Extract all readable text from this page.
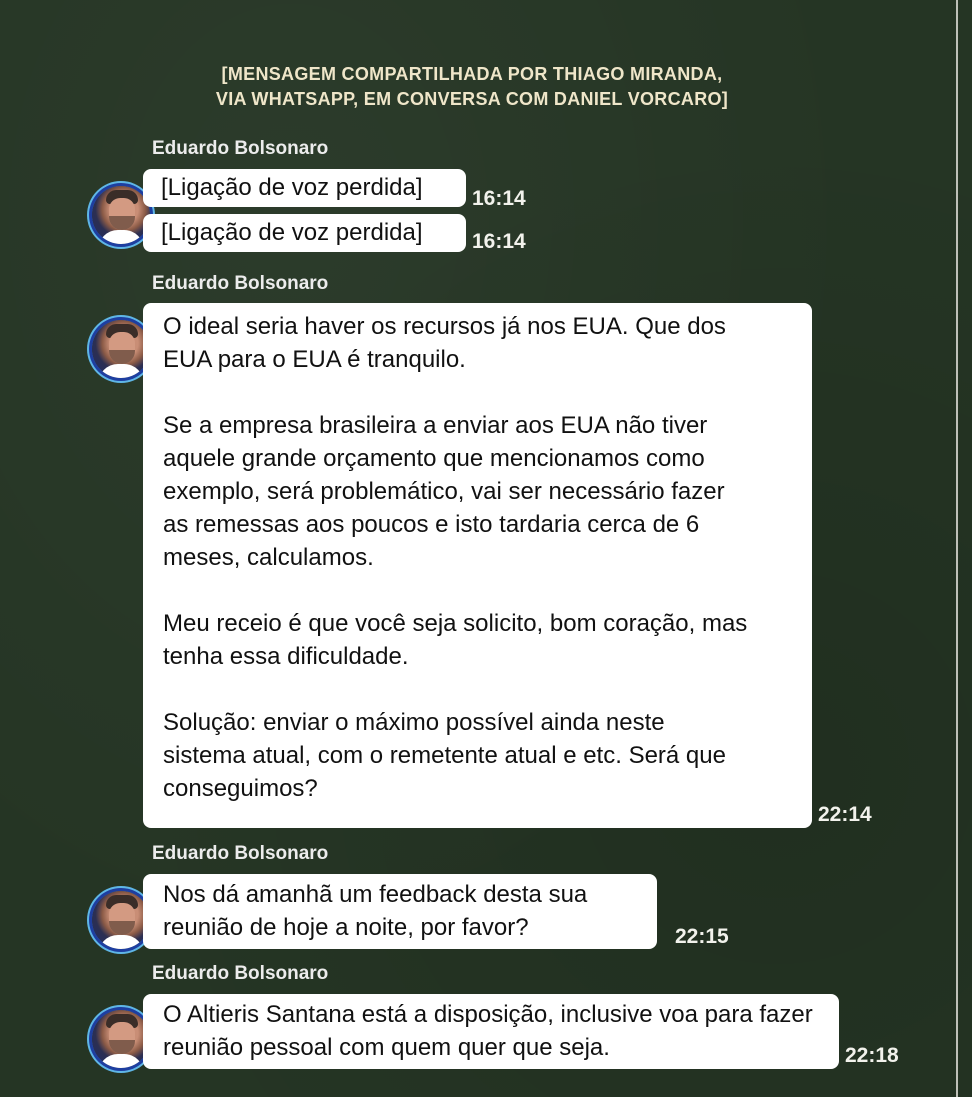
[MENSAGEM COMPARTILHADA POR THIAGO MIRANDA,
VIA WHATSAPP, EM CONVERSA COM DANIEL VORCARO]
Eduardo Bolsonaro

[Ligação de voz perdida]	16:14

[Ligação de voz perdida]	16:14
Eduardo Bolsonaro

O ideal seria haver os recursos já nos EUA. Que dos
EUA para o EUA é tranquilo.

Se a empresa brasileira a enviar aos EUA não tiver
aquele grande orçamento que mencionamos como
exemplo, será problemático, vai ser necessário fazer
as remessas aos poucos e isto tardaria cerca de 6
meses, calculamos.

Meu receio é que você seja solicito, bom coração, mas
tenha essa dificuldade.

Solução: enviar o máximo possível ainda neste
sistema atual, com o remetente atual e etc. Será que
conseguimos?

22:14
Eduardo Bolsonaro

Nos dá amanhã um feedback desta sua
reunião de hoje a noite, por favor?	22:15
Eduardo Bolsonaro

O Altieris Santana está a disposição, inclusive voa para fazer
reunião pessoal com quem quer que seja.	22:18
